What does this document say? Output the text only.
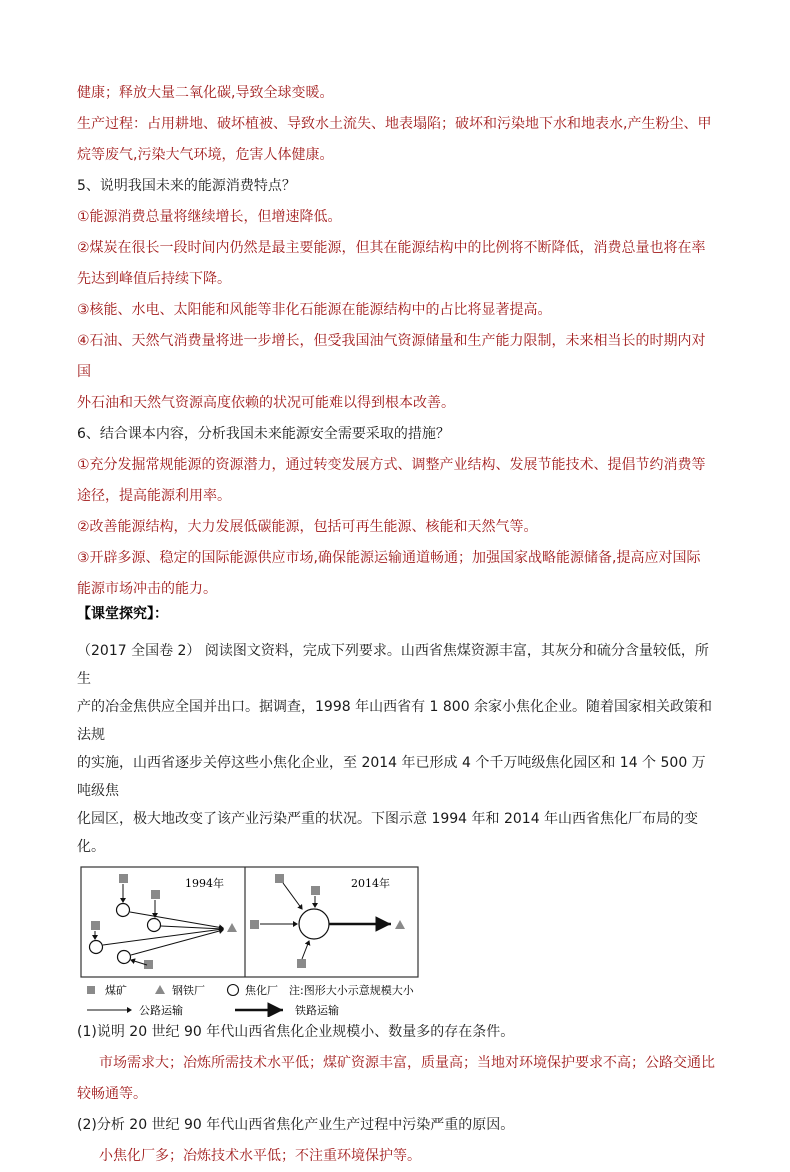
健康；释放大量二氧化碳,导致全球变暖。

生产过程：占用耕地、破坏植被、导致水土流失、地表塌陷；破坏和污染地下水和地表水,产生粉尘、甲

烷等废气,污染大气环境，危害人体健康。

5、说明我国未来的能源消费特点？

①能源消费总量将继续增长，但增速降低。

②煤炭在很长一段时间内仍然是最主要能源，但其在能源结构中的比例将不断降低，消费总量也将在率

先达到峰值后持续下降。

③核能、水电、太阳能和风能等非化石能源在能源结构中的占比将显著提高。

④石油、天然气消费量将进一步增长，但受我国油气资源储量和生产能力限制，未来相当长的时期内对国

外石油和天然气资源高度依赖的状况可能难以得到根本改善。

6、结合课本内容，分析我国未来能源安全需要采取的措施？

①充分发掘常规能源的资源潜力，通过转变发展方式、调整产业结构、发展节能技术、提倡节约消费等

途径，提高能源利用率。

②改善能源结构，大力发展低碳能源，包括可再生能源、核能和天然气等。

③开辟多源、稳定的国际能源供应市场,确保能源运输通道畅通；加强国家战略能源储备,提高应对国际

能源市场冲击的能力。

【课堂探究】：

（2017 全国卷 2） 阅读图文资料，完成下列要求。山西省焦煤资源丰富，其灰分和硫分含量较低，所生

产的冶金焦供应全国并出口。据调查，1998 年山西省有 1 800 余家小焦化企业。随着国家相关政策和法规

的实施，山西省逐步关停这些小焦化企业，至 2014 年已形成 4 个千万吨级焦化园区和 14 个 500 万吨级焦

化园区，极大地改变了该产业污染严重的状况。下图示意 1994 年和 2014 年山西省焦化厂布局的变化。

1994年	2014年
煤矿	钢铁厂	焦化厂 注:图形大小示意规模大小
公路运输	铁路运输

(1)说明 20 世纪 90 年代山西省焦化企业规模小、数量多的存在条件。

市场需求大；冶炼所需技术水平低；煤矿资源丰富，质量高；当地对环境保护要求不高；公路交通比

较畅通等。

(2)分析 20 世纪 90 年代山西省焦化产业生产过程中污染严重的原因。

小焦化厂多；冶炼技术水平低；不注重环境保护等。
